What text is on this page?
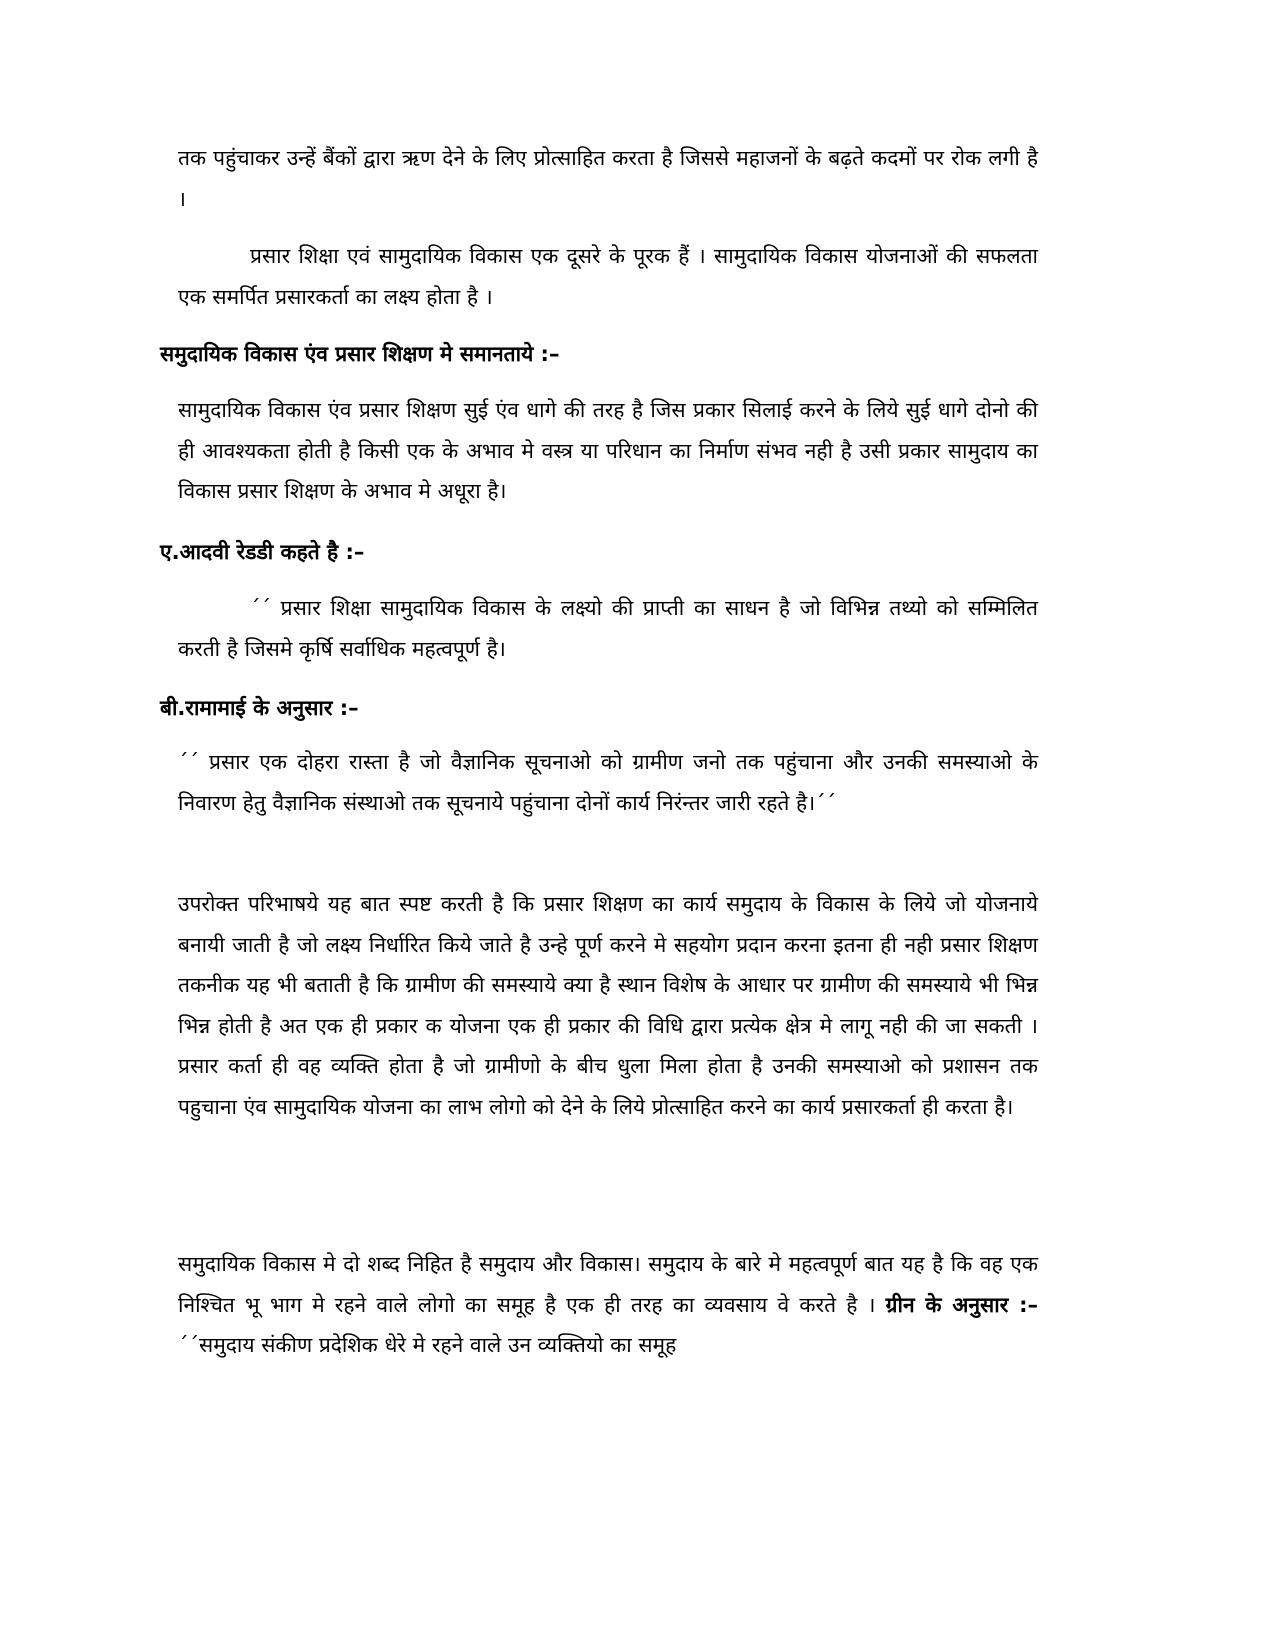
तक पहुंचाकर उन्हें बैंकों द्वारा ऋण देने के लिए प्रोत्साहित करता है जिससे महाजनों के बढ़ते कदमों पर रोक लगी है ।

प्रसार शिक्षा एवं सामुदायिक विकास एक दूसरे के पूरक हैं । सामुदायिक विकास योजनाओं की सफलता एक समर्पित प्रसारकर्ता का लक्ष्य होता है ।

समुदायिक विकास एंव प्रसार शिक्षण मे समानताये :–

सामुदायिक विकास एंव प्रसार शिक्षण सुई एंव धागे की तरह है जिस प्रकार सिलाई करने के लिये सुई धागे दोनो की ही आवश्यकता होती है किसी एक के अभाव मे वस्त्र या परिधान का निर्माण संभव नही है उसी प्रकार सामुदाय का विकास प्रसार शिक्षण के अभाव मे अधूरा है।

ए.आदवी रेडडी कहते है :–

´´ प्रसार शिक्षा सामुदायिक विकास के लक्ष्यो की प्राप्ती का साधन है जो विभिन्न तथ्यो को सम्मिलित करती है जिसमे कृर्षि सर्वाधिक महत्वपूर्ण है।

बी.रामामाई के अनुसार :–

´´ प्रसार एक दोहरा रास्ता है जो वैज्ञानिक सूचनाओ को ग्रामीण जनो तक पहुंचाना और उनकी समस्याओ के निवारण हेतु वैज्ञानिक संस्थाओ तक सूचनाये पहुंचाना दोनों कार्य निरंन्तर जारी रहते है।´´

उपरोक्त परिभाषये यह बात स्पष्ट करती है कि प्रसार शिक्षण का कार्य समुदाय के विकास के लिये जो योजनाये बनायी जाती है जो लक्ष्य निर्धारित किये जाते है उन्हे पूर्ण करने मे सहयोग प्रदान करना इतना ही नही प्रसार शिक्षण तकनीक यह भी बताती है कि ग्रामीण की समस्याये क्या है स्थान विशेष के आधार पर ग्रामीण की समस्याये भी भिन्न भिन्न होती है अत एक ही प्रकार क योजना एक ही प्रकार की विधि द्वारा प्रत्येक क्षेत्र मे लागू नही की जा सकती । प्रसार कर्ता ही वह व्यक्ति होता है जो ग्रामीणो के बीच धुला मिला होता है उनकी समस्याओ को प्रशासन तक पहुचाना एंव सामुदायिक योजना का लाभ लोगो को देने के लिये प्रोत्साहित करने का कार्य प्रसारकर्ता ही करता है।

समुदायिक विकास मे दो शब्द निहित है समुदाय और विकास। समुदाय के बारे मे महत्वपूर्ण बात यह है कि वह एक निश्चित भू भाग मे रहने वाले लोगो का समूह है एक ही तरह का व्यवसाय वे करते है । ग्रीन के अनुसार :– ´´समुदाय संकीण प्रदेशिक धेरे मे रहने वाले उन व्यक्तियो का समूह
